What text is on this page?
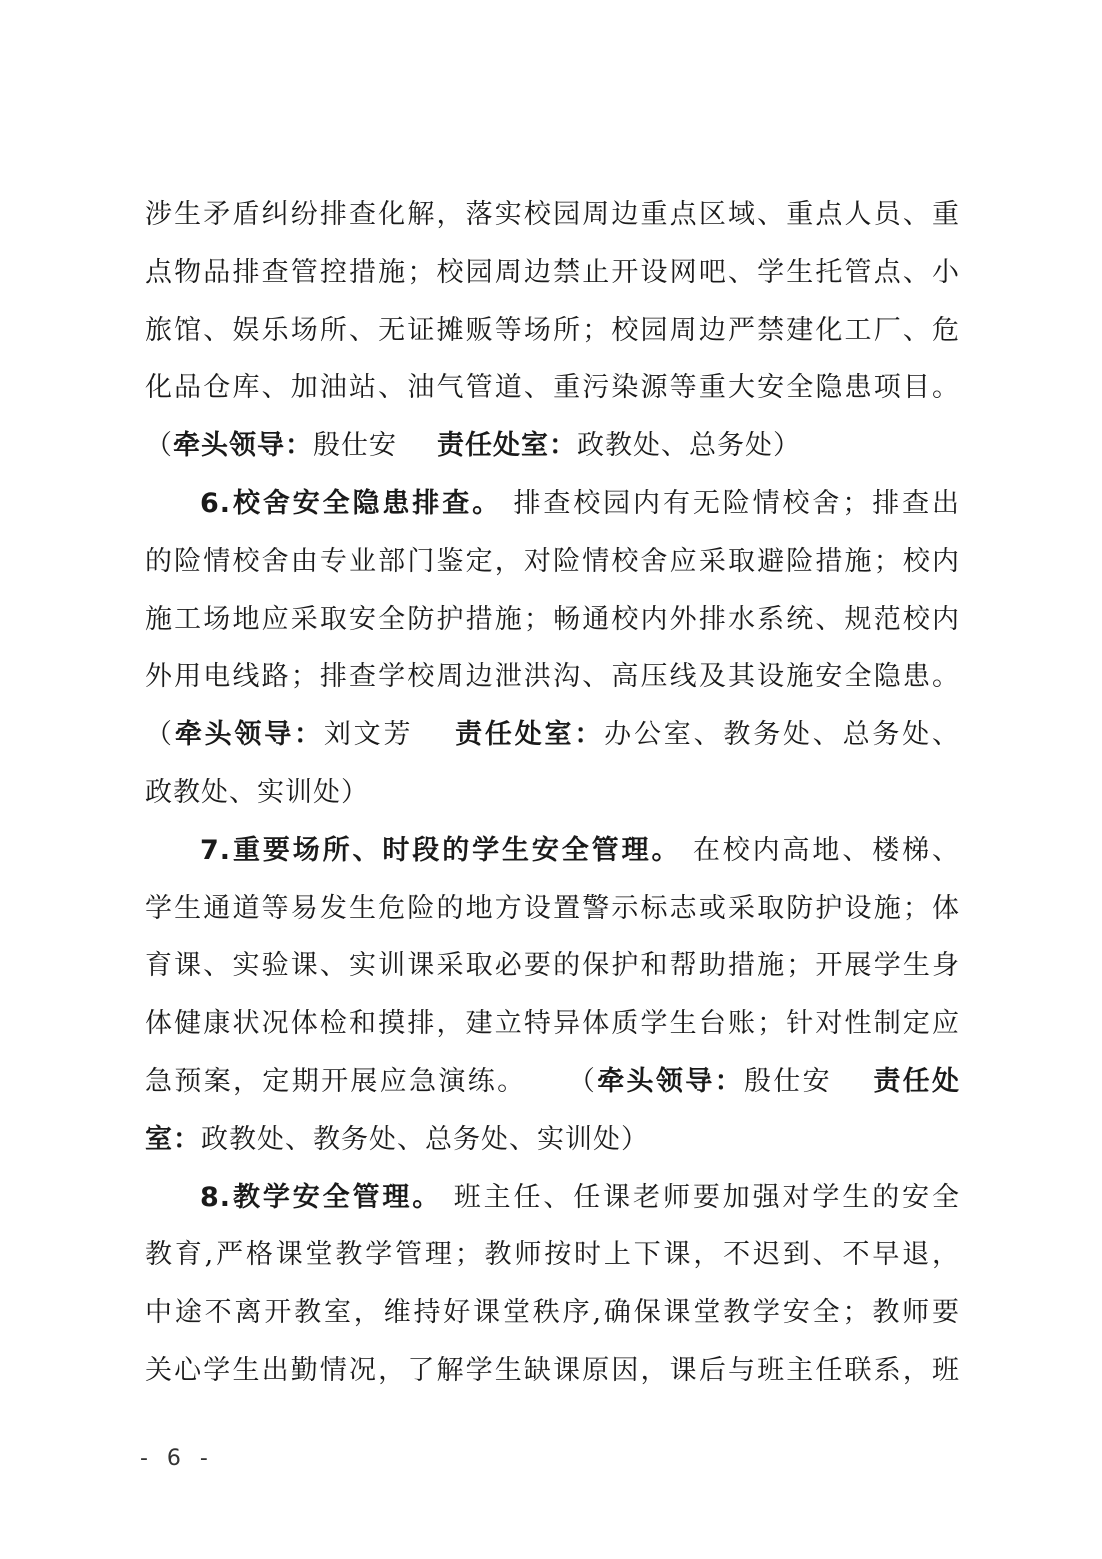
涉生矛盾纠纷排查化解，落实校园周边重点区域、重点人员、重
点物品排查管控措施；校园周边禁止开设网吧、学生托管点、小
旅馆、娱乐场所、无证摊贩等场所；校园周边严禁建化工厂、危
化品仓库、加油站、油气管道、重污染源等重大安全隐患项目。
（牵头领导：殷仕安 责任处室：政教处、总务处）
6.校舍安全隐患排查。 排查校园内有无险情校舍；排查出
的险情校舍由专业部门鉴定，对险情校舍应采取避险措施；校内
施工场地应采取安全防护措施；畅通校内外排水系统、规范校内
外用电线路；排查学校周边泄洪沟、高压线及其设施安全隐患。
（牵头领导：刘文芳 责任处室：办公室、教务处、总务处、
政教处、实训处）
7.重要场所、时段的学生安全管理。 在校内高地、楼梯、
学生通道等易发生危险的地方设置警示标志或采取防护设施；体
育课、实验课、实训课采取必要的保护和帮助措施；开展学生身
体健康状况体检和摸排，建立特异体质学生台账；针对性制定应
急预案，定期开展应急演练。 （牵头领导：殷仕安 责任处
室：政教处、教务处、总务处、实训处）
8.教学安全管理。 班主任、任课老师要加强对学生的安全
教育,严格课堂教学管理；教师按时上下课，不迟到、不早退，
中途不离开教室，维持好课堂秩序,确保课堂教学安全；教师要
关心学生出勤情况，了解学生缺课原因，课后与班主任联系，班
- 6 -
